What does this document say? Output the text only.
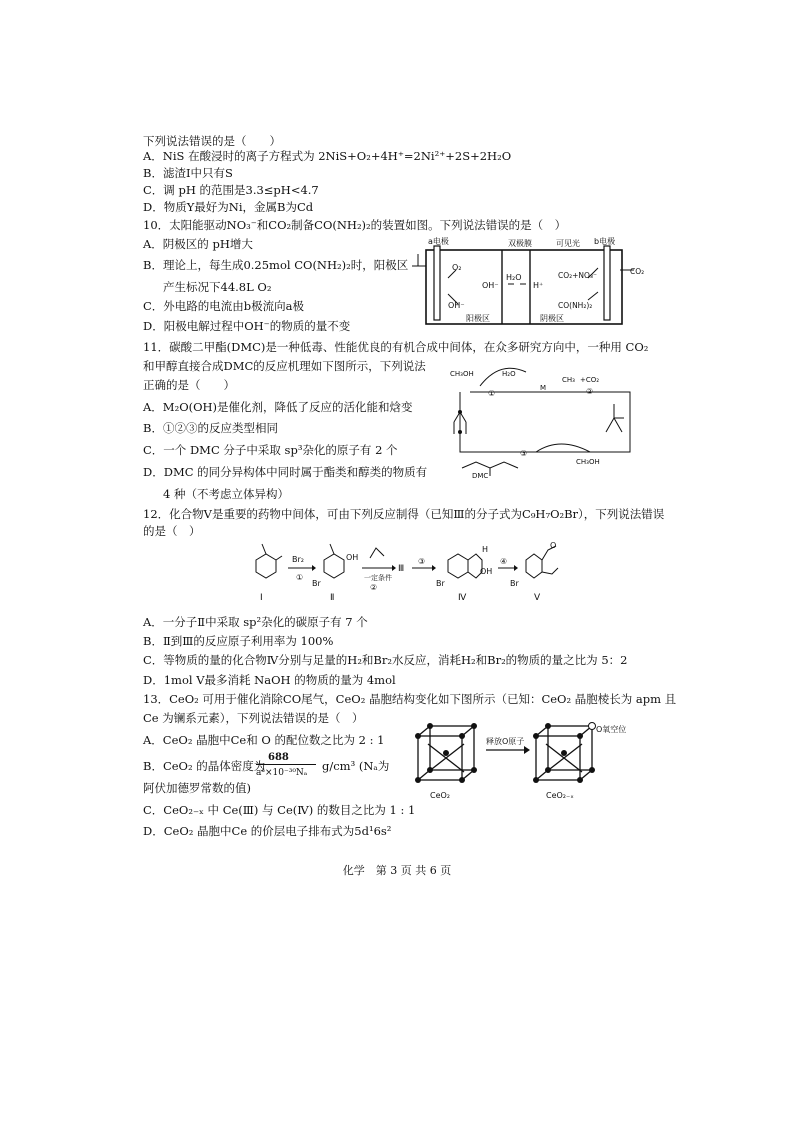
下列说法错误的是（　　）
A．NiS 在酸浸时的离子方程式为 2NiS+O₂+4H⁺=2Ni²⁺+2S+2H₂O
B．滤渣Ⅰ中只有S
C．调 pH 的范围是3.3≤pH<4.7
D．物质Y最好为Ni，金属B为Cd
10．太阳能驱动NO₃⁻和CO₂制备CO(NH₂)₂的装置如图。下列说法错误的是（　）
A．阴极区的 pH增大
B．理论上，每生成0.25mol CO(NH₂)₂时，阳极区
产生标况下44.8L O₂
C．外电路的电流由b极流向a极
D．阳极电解过程中OH⁻的物质的量不变
a电极	双极膜	可见光 b电极
O₂
OH⁻
OH⁻
H₂O
H⁺
CO₂+NO₃⁻
CO(NH₂)₂
CO₂
阳极区	阴极区
11．碳酸二甲酯(DMC)是一种低毒、性能优良的有机合成中间体，在众多研究方向中，一种用 CO₂
和甲醇直接合成DMC的反应机理如下图所示，下列说法
正确的是（　　）
A．M₂O(OH)是催化剂，降低了反应的活化能和焓变
B．①②③的反应类型相同
C．一个 DMC 分子中采取 sp³杂化的原子有 2 个
D．DMC 的同分异构体中同时属于酯类和醇类的物质有
4 种（不考虑立体异构）
CH₃OH	H₂O
①
CH₃
M
+CO₂
②
③
CH₃OH
DMC
12．化合物Ⅴ是重要的药物中间体，可由下列反应制得（已知Ⅲ的分子式为C₉H₇O₂Br），下列说法错误
的是（　）
Ⅰ
Br₂
①
OH
Br
Ⅱ
一定条件
②
Ⅲ
③
Br
OH
H
Ⅳ
④
O
Br
Ⅴ
A．一分子Ⅱ中采取 sp²杂化的碳原子有 7 个
B．Ⅱ到Ⅲ的反应原子利用率为 100%
C．等物质的量的化合物Ⅳ分别与足量的H₂和Br₂水反应，消耗H₂和Br₂的物质的量之比为 5：2
D．1mol Ⅴ最多消耗 NaOH 的物质的量为 4mol
13．CeO₂ 可用于催化消除CO尾气，CeO₂ 晶胞结构变化如下图所示（已知：CeO₂ 晶胞棱长为 apm 且
Ce 为镧系元素），下列说法错误的是（　）
A．CeO₂ 晶胞中Ce和 O 的配位数之比为 2 : 1
B．CeO₂ 的晶体密度为
688
a³×10⁻³⁰Nₐ g/cm³ (Nₐ为
阿伏加德罗常数的值)
C．CeO₂₋ₓ 中 Ce(Ⅲ) 与 Ce(Ⅳ) 的数目之比为 1 : 1
D．CeO₂ 晶胞中Ce 的价层电子排布式为5d¹6s²
CeO₂
释放O原子
O氧空位
CeO₂₋ₓ
化学　第 3 页 共 6 页
